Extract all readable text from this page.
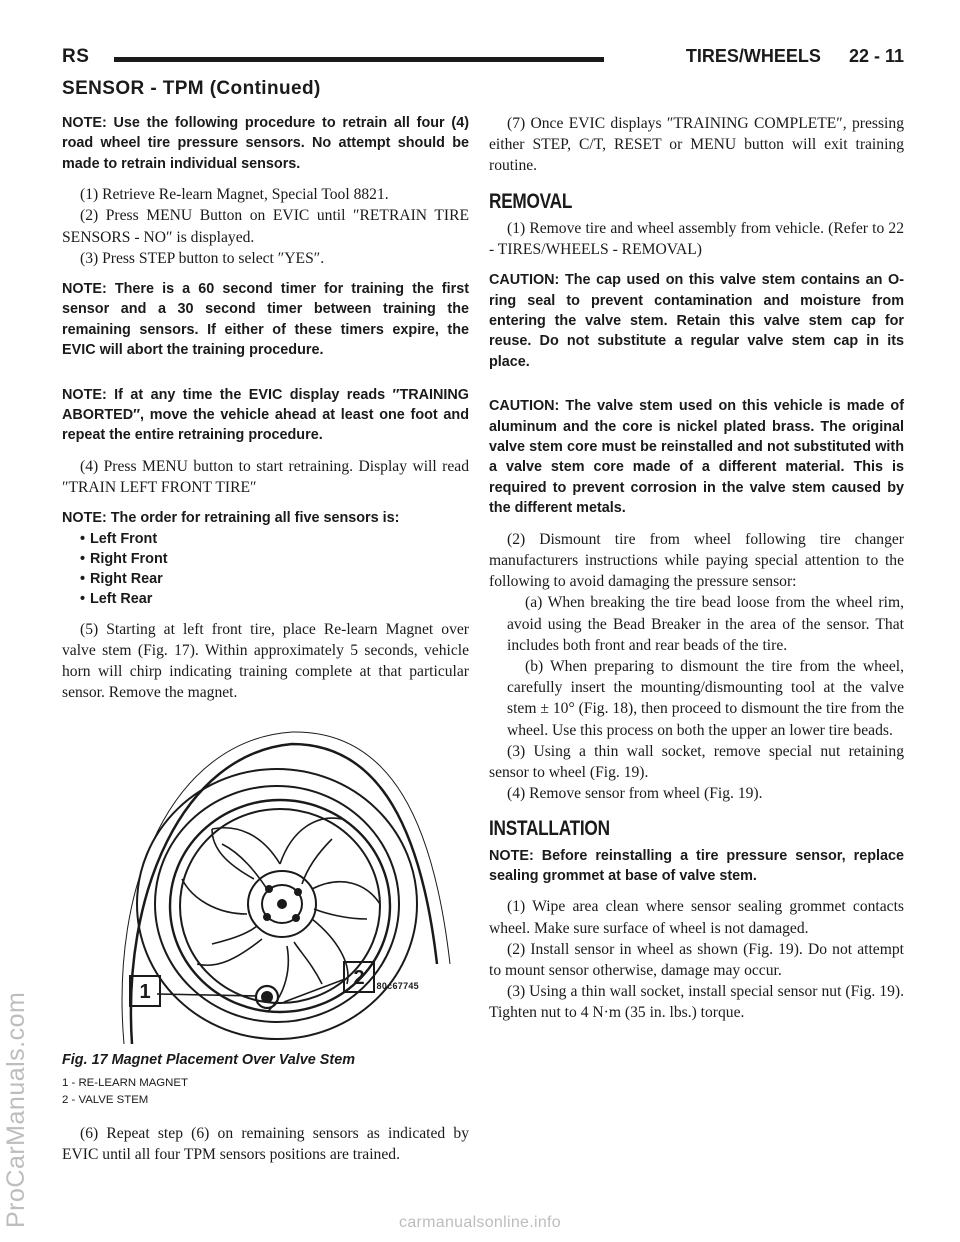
RS	TIRES/WHEELS 22 - 11
SENSOR - TPM (Continued)

NOTE: Use the following procedure to retrain all four (4) road wheel tire pressure sensors. No attempt should be made to retrain individual sensors.

(1) Retrieve Re-learn Magnet, Special Tool 8821.

(2) Press MENU Button on EVIC until ″RETRAIN TIRE SENSORS - NO″ is displayed.

(3) Press STEP button to select ″YES″.

NOTE: There is a 60 second timer for training the first sensor and a 30 second timer between training the remaining sensors. If either of these timers expire, the EVIC will abort the training procedure.

NOTE: If at any time the EVIC display reads ″TRAINING ABORTED″, move the vehicle ahead at least one foot and repeat the entire retraining procedure.

(4) Press MENU button to start retraining. Display will read ″TRAIN LEFT FRONT TIRE″

NOTE: The order for retraining all five sensors is:

• Left Front
• Right Front
• Right Rear
• Left Rear

(5) Starting at left front tire, place Re-learn Magnet over valve stem (Fig. 17). Within approximately 5 seconds, vehicle horn will chirp indicating training complete at that particular sensor. Remove the magnet.

1
2 80c67745
Fig. 17 Magnet Placement Over Valve Stem

1 - RE-LEARN MAGNET

2 - VALVE STEM

(6) Repeat step (6) on remaining sensors as indicated by EVIC until all four TPM sensors positions are trained.

(7) Once EVIC displays ″TRAINING COMPLETE″, pressing either STEP, C/T, RESET or MENU button will exit training routine.

REMOVAL

(1) Remove tire and wheel assembly from vehicle. (Refer to 22 - TIRES/WHEELS - REMOVAL)

CAUTION: The cap used on this valve stem contains an O-ring seal to prevent contamination and moisture from entering the valve stem. Retain this valve stem cap for reuse. Do not substitute a regular valve stem cap in its place.

CAUTION: The valve stem used on this vehicle is made of aluminum and the core is nickel plated brass. The original valve stem core must be reinstalled and not substituted with a valve stem core made of a different material. This is required to prevent corrosion in the valve stem caused by the different metals.

(2) Dismount tire from wheel following tire changer manufacturers instructions while paying special attention to the following to avoid damaging the pressure sensor:

(a) When breaking the tire bead loose from the wheel rim, avoid using the Bead Breaker in the area of the sensor. That includes both front and rear beads of the tire.

(b) When preparing to dismount the tire from the wheel, carefully insert the mounting/dismounting tool at the valve stem ± 10° (Fig. 18), then proceed to dismount the tire from the wheel. Use this process on both the upper an lower tire beads.

(3) Using a thin wall socket, remove special nut retaining sensor to wheel (Fig. 19).

(4) Remove sensor from wheel (Fig. 19).

INSTALLATION

NOTE: Before reinstalling a tire pressure sensor, replace sealing grommet at base of valve stem.

(1) Wipe area clean where sensor sealing grommet contacts wheel. Make sure surface of wheel is not damaged.

(2) Install sensor in wheel as shown (Fig. 19). Do not attempt to mount sensor otherwise, damage may occur.

(3) Using a thin wall socket, install special sensor nut (Fig. 19). Tighten nut to 4 N·m (35 in. lbs.) torque.

ProCarManuals.com	carmanualsonline.info
